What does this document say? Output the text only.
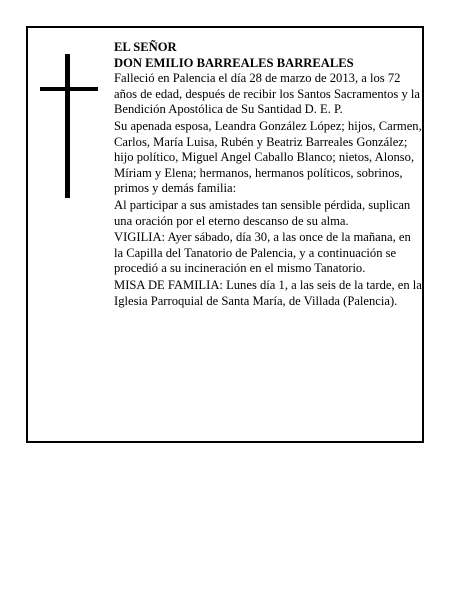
EL SEÑOR

DON EMILIO BARREALES BARREALES

Falleció en Palencia el día 28 de marzo de 2013, a los 72 años de edad, después de recibir los Santos Sacramentos y la Bendición Apostólica de Su Santidad D. E. P.

Su apenada esposa, Leandra González López; hijos, Carmen, Carlos, María Luisa, Rubén y Beatriz Barreales González; hijo político, Miguel Angel Caballo Blanco; nietos, Alonso, Míriam y Elena; hermanos, hermanos políticos, sobrinos, primos y demás familia:

Al participar a sus amistades tan sensible pérdida, suplican una oración por el eterno descanso de su alma.

VIGILIA: Ayer sábado, día 30, a las once de la mañana, en la Capilla del Tanatorio de Palencia, y a continuación se procedió a su incineración en el mismo Tanatorio.

MISA DE FAMILIA: Lunes día 1, a las seis de la tarde, en la Iglesia Parroquial de Santa María, de Villada (Palencia).
